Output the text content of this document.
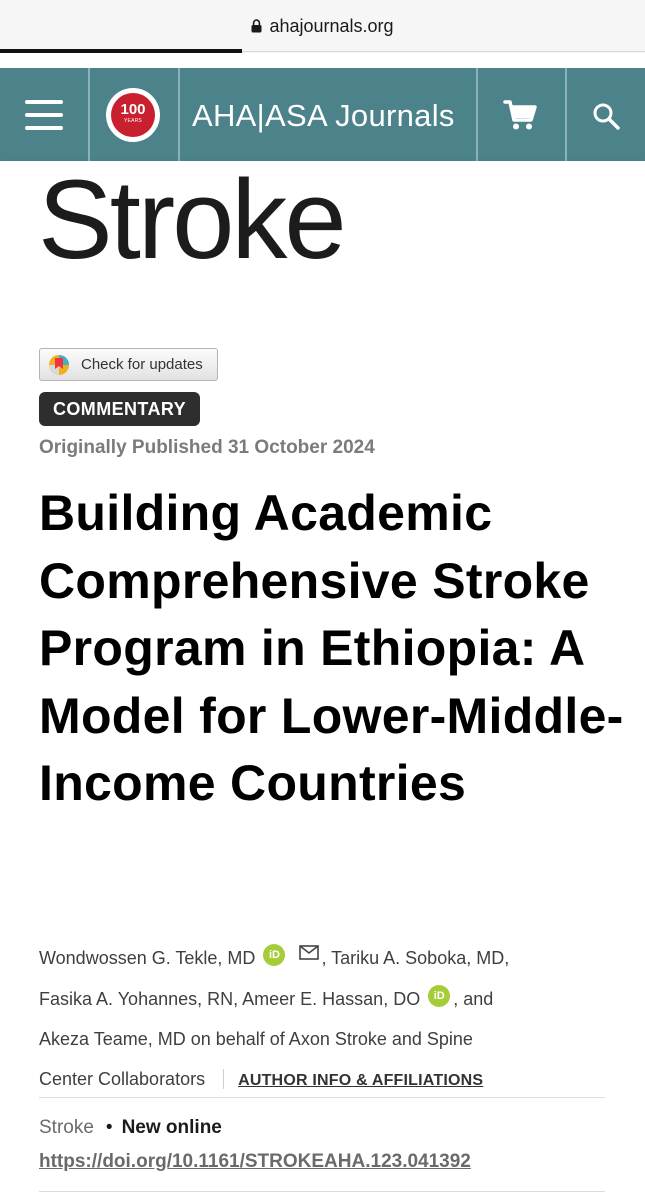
ahajournals.org
100
YEARS	AHA|ASA Journals
Stroke
Check for updates
COMMENTARY
Originally Published 31 October 2024
Building Academic Comprehensive Stroke Program in Ethiopia: A Model for Lower-Middle-Income Countries
Wondwossen G. Tekle, MD iD , Tariku A. Soboka, MD,
Fasika A. Yohannes, RN, Ameer E. Hassan, DO iD , and
Akeza Teame, MD on behalf of Axon Stroke and Spine
Center Collaborators AUTHOR INFO & AFFILIATIONS
Stroke • New online
https://doi.org/10.1161/STROKEAHA.123.041392
